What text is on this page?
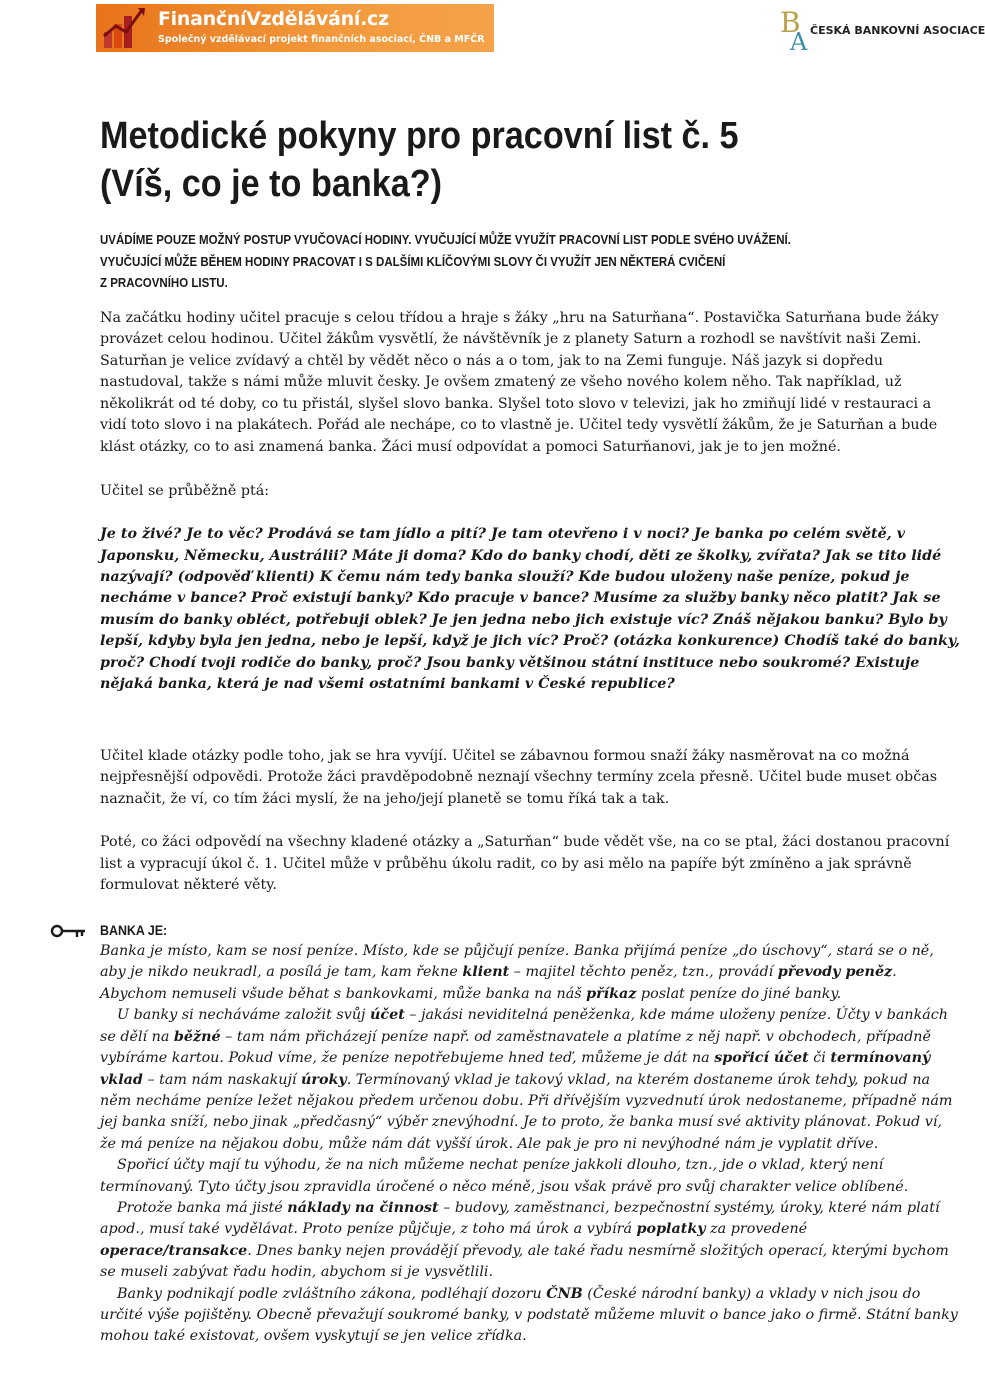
FinančníVzdělávání.cz
Společný vzdělávací projekt finančních asociací, ČNB a MFČR
B
A ČESKÁ BANKOVNÍ ASOCIACE
Metodické pokyny pro pracovní list č. 5
(Víš, co je to banka?)
UVÁDÍME POUZE MOŽNÝ POSTUP VYUČOVACÍ HODINY. VYUČUJÍCÍ MŮŽE VYUŽÍT PRACOVNÍ LIST PODLE SVÉHO UVÁŽENÍ.
VYUČUJÍCÍ MŮŽE BĚHEM HODINY PRACOVAT I S DALŠÍMI KLÍČOVÝMI SLOVY ČI VYUŽÍT JEN NĚKTERÁ CVIČENÍ
Z PRACOVNÍHO LISTU.

Na začátku hodiny učitel pracuje s celou třídou a hraje s žáky „hru na Saturňana“. Postavička Saturňana bude žáky provázet celou hodinou. Učitel žákům vysvětlí, že návštěvník je z planety Saturn a rozhodl se navštívit naši Zemi. Saturňan je velice zvídavý a chtěl by vědět něco o nás a o tom, jak to na Zemi funguje. Náš jazyk si dopředu nastudoval, takže s námi může mluvit česky. Je ovšem zmatený ze všeho nového kolem něho. Tak například, už několikrát od té doby, co tu přistál, slyšel slovo banka. Slyšel toto slovo v televizi, jak ho zmiňují lidé v restauraci a vidí toto slovo i na plakátech. Pořád ale nechápe, co to vlastně je. Učitel tedy vysvětlí žákům, že je Saturňan a bude klást otázky, co to asi znamená banka. Žáci musí odpovídat a pomoci Saturňanovi, jak je to jen možné.

Učitel se průběžně ptá:

Je to živé? Je to věc? Prodává se tam jídlo a pití? Je tam otevřeno i v noci? Je banka po celém světě, v Japonsku, Německu, Austrálii? Máte ji doma? Kdo do banky chodí, děti ze školky, zvířata? Jak se tito lidé nazývají? (odpověď klienti) K čemu nám tedy banka slouží? Kde budou uloženy naše peníze, pokud je necháme v bance? Proč existují banky? Kdo pracuje v bance? Musíme za služby banky něco platit? Jak se musím do banky obléct, potřebuji oblek? Je jen jedna nebo jich existuje víc? Znáš nějakou banku? Bylo by lepší, kdyby byla jen jedna, nebo je lepší, když je jich víc? Proč? (otázka konkurence) Chodíš také do banky, proč? Chodí tvoji rodiče do banky, proč? Jsou banky většinou státní instituce nebo soukromé? Existuje nějaká banka, která je nad všemi ostatními bankami v České republice?

Učitel klade otázky podle toho, jak se hra vyvíjí. Učitel se zábavnou formou snaží žáky nasměrovat na co možná nejpřesnější odpovědi. Protože žáci pravděpodobně neznají všechny termíny zcela přesně. Učitel bude muset občas naznačit, že ví, co tím žáci myslí, že na jeho/její planetě se tomu říká tak a tak.

Poté, co žáci odpovědí na všechny kladené otázky a „Saturňan“ bude vědět vše, na co se ptal, žáci dostanou pracovní list a vypracují úkol č. 1. Učitel může v průběhu úkolu radit, co by asi mělo na papíře být zmíněno a jak správně formulovat některé věty.

BANKA JE:

Banka je místo, kam se nosí peníze. Místo, kde se půjčují peníze. Banka přijímá peníze „do úschovy“, stará se o ně, aby je nikdo neukradl, a posílá je tam, kam řekne klient – majitel těchto peněz, tzn., provádí převody peněz. Abychom nemuseli všude běhat s bankovkami, může banka na náš příkaz poslat peníze do jiné banky.

U banky si necháváme založit svůj účet – jakási neviditelná peněženka, kde máme uloženy peníze. Účty v bankách se dělí na běžné – tam nám přicházejí peníze např. od zaměstnavatele a platíme z něj např. v obchodech, případně vybíráme kartou. Pokud víme, že peníze nepotřebujeme hned teď, můžeme je dát na spořicí účet či termínovaný vklad – tam nám naskakují úroky. Termínovaný vklad je takový vklad, na kterém dostaneme úrok tehdy, pokud na něm necháme peníze ležet nějakou předem určenou dobu. Při dřívějším vyzvednutí úrok nedostaneme, případně nám jej banka sníží, nebo jinak „předčasný“ výběr znevýhodní. Je to proto, že banka musí své aktivity plánovat. Pokud ví, že má peníze na nějakou dobu, může nám dát vyšší úrok. Ale pak je pro ni nevýhodné nám je vyplatit dříve.

Spořicí účty mají tu výhodu, že na nich můžeme nechat peníze jakkoli dlouho, tzn., jde o vklad, který není termínovaný. Tyto účty jsou zpravidla úročené o něco méně, jsou však právě pro svůj charakter velice oblíbené.

Protože banka má jisté náklady na činnost – budovy, zaměstnanci, bezpečnostní systémy, úroky, které nám platí apod., musí také vydělávat. Proto peníze půjčuje, z toho má úrok a vybírá poplatky za provedené operace/transakce. Dnes banky nejen provádějí převody, ale také řadu nesmírně složitých operací, kterými bychom se museli zabývat řadu hodin, abychom si je vysvětlili.

Banky podnikají podle zvláštního zákona, podléhají dozoru ČNB (České národní banky) a vklady v nich jsou do určité výše pojištěny. Obecně převažují soukromé banky, v podstatě můžeme mluvit o bance jako o firmě. Státní banky mohou také existovat, ovšem vyskytují se jen velice zřídka.
